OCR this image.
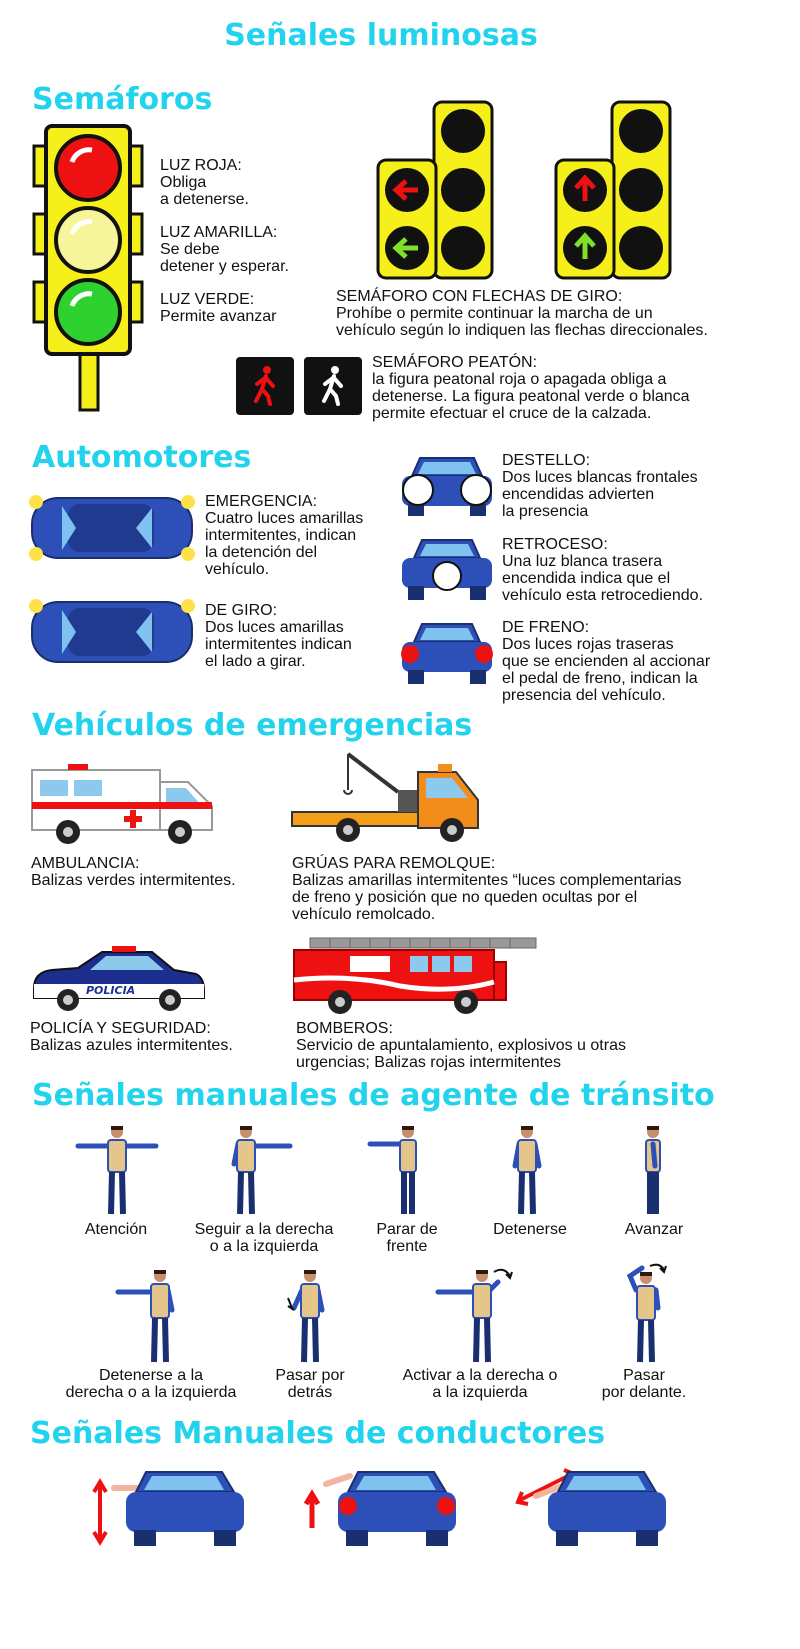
Señales luminosas
Semáforos
LUZ ROJA:
Obliga
a detenerse.
LUZ AMARILLA:
Se debe
detener y esperar.
LUZ VERDE:
Permite avanzar
SEMÁFORO CON FLECHAS DE GIRO:
Prohíbe o permite continuar la marcha de un
vehículo según lo indiquen las flechas direccionales.
SEMÁFORO PEATÓN:
la figura peatonal roja o apagada obliga a
detenerse. La figura peatonal verde o blanca
permite efectuar el cruce de la calzada.
Automotores
EMERGENCIA:
Cuatro luces amarillas
intermitentes, indican
la detención del
vehículo.
DE GIRO:
Dos luces amarillas
intermitentes indican
el lado a girar.
DESTELLO:
Dos luces blancas frontales
encendidas advierten
la presencia
RETROCESO:
Una luz blanca trasera
encendida indica que el
vehículo esta retrocediendo.
DE FRENO:
Dos luces rojas traseras
que se encienden al accionar
el pedal de freno, indican la
presencia del vehículo.
Vehículos de emergencias
AMBULANCIA:
Balizas verdes intermitentes.
GRÚAS PARA REMOLQUE:
Balizas amarillas intermitentes “luces complementarias
de freno y posición que no queden ocultas por el
vehículo remolcado.
POLICIA
POLICÍA Y SEGURIDAD:
Balizas azules intermitentes.
BOMBEROS:
Servicio de apuntalamiento, explosivos u otras
urgencias; Balizas rojas intermitentes
Señales manuales de agente de tránsito
Atención	Seguir a la derecha
o a la izquierda
Parar de
frente
Detenerse	Avanzar
Detenerse a la
derecha o a la izquierda
Pasar por
detrás
Activar a la derecha o
a la izquierda
Pasar
por delante.
Señales Manuales de conductores
